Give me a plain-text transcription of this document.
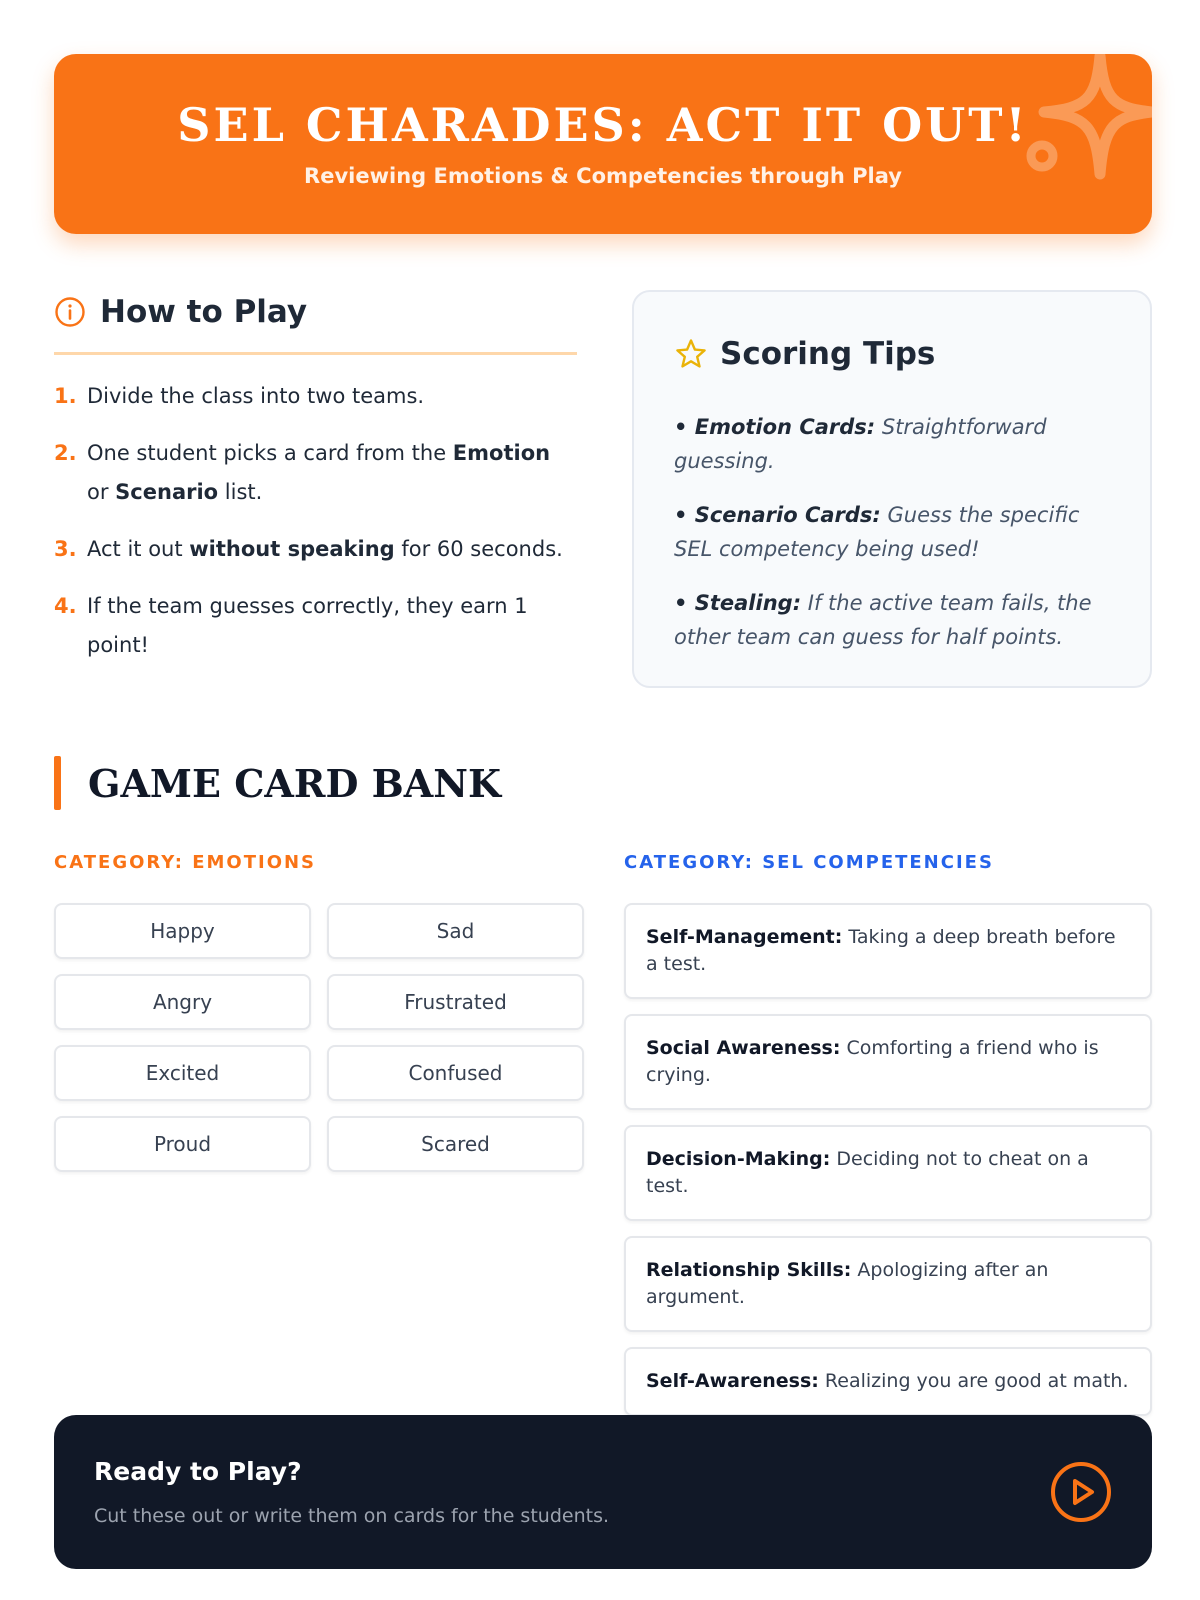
SEL CHARADES: ACT IT OUT!
Reviewing Emotions & Competencies through Play
How to Play
1. Divide the class into two teams.
2. One student picks a card from the Emotion or Scenario list.
3. Act it out without speaking for 60 seconds.
4. If the team guesses correctly, they earn 1 point!
Scoring Tips

• Emotion Cards: Straightforward guessing.

• Scenario Cards: Guess the specific SEL competency being used!

• Stealing: If the active team fails, the other team can guess for half points.

GAME CARD BANK
CATEGORY: EMOTIONS	CATEGORY: SEL COMPETENCIES
Happy	Sad
Angry	Frustrated
Excited	Confused
Proud	Scared
Self-Management: Taking a deep breath before a test.
Social Awareness: Comforting a friend who is crying.
Decision-Making: Deciding not to cheat on a test.
Relationship Skills: Apologizing after an argument.
Self-Awareness: Realizing you are good at math.
Ready to Play?
Cut these out or write them on cards for the students.
